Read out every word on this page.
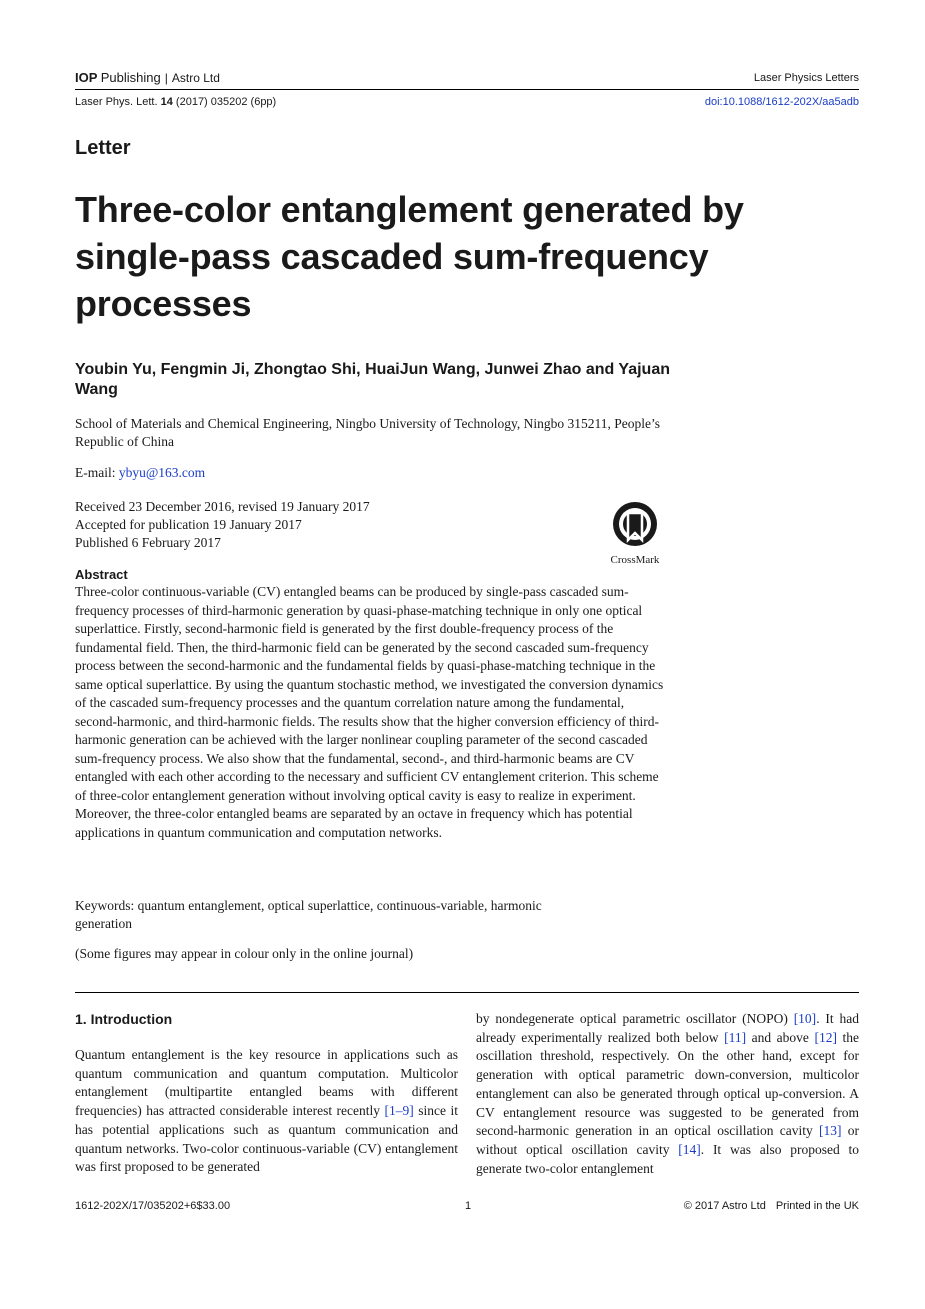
IOP Publishing | Astro Ltd	Laser Physics Letters
Laser Phys. Lett. 14 (2017) 035202 (6pp)	doi:10.1088/1612-202X/aa5adb
Letter
Three-color entanglement generated by single-pass cascaded sum-frequency processes
Youbin Yu, Fengmin Ji, Zhongtao Shi, HuaiJun Wang, Junwei Zhao and Yajuan Wang
School of Materials and Chemical Engineering, Ningbo University of Technology, Ningbo 315211, People’s Republic of China
E-mail: ybyu@163.com
Received 23 December 2016, revised 19 January 2017
Accepted for publication 19 January 2017
Published 6 February 2017
CrossMark
Abstract
Three-color continuous-variable (CV) entangled beams can be produced by single-pass cascaded sum-frequency processes of third-harmonic generation by quasi-phase-matching technique in only one optical superlattice. Firstly, second-harmonic field is generated by the first double-frequency process of the fundamental field. Then, the third-harmonic field can be generated by the second cascaded sum-frequency process between the second-harmonic and the fundamental fields by quasi-phase-matching technique in the same optical superlattice. By using the quantum stochastic method, we investigated the conversion dynamics of the cascaded sum-frequency processes and the quantum correlation nature among the fundamental, second-harmonic, and third-harmonic fields. The results show that the higher conversion efficiency of third-harmonic generation can be achieved with the larger nonlinear coupling parameter of the second cascaded sum-frequency process. We also show that the fundamental, second-, and third-harmonic beams are CV entangled with each other according to the necessary and sufficient CV entanglement criterion. This scheme of three-color entanglement generation without involving optical cavity is easy to realize in experiment. Moreover, the three-color entangled beams are separated by an octave in frequency which has potential applications in quantum communication and computation networks.
Keywords: quantum entanglement, optical superlattice, continuous-variable, harmonic generation
(Some figures may appear in colour only in the online journal)
1. Introduction
Quantum entanglement is the key resource in applications such as quantum communication and quantum computation. Multicolor entanglement (multipartite entangled beams with different frequencies) has attracted considerable interest recently [1–9] since it has potential applications such as quantum communication and quantum networks. Two-color continuous-variable (CV) entanglement was first proposed to be generated
by nondegenerate optical parametric oscillator (NOPO) [10]. It had already experimentally realized both below [11] and above [12] the oscillation threshold, respectively. On the other hand, except for generation with optical parametric down-conversion, multicolor entanglement can also be generated through optical up-conversion. A CV entanglement resource was suggested to be generated from second-harmonic generation in an optical oscillation cavity [13] or without optical oscillation cavity [14]. It was also proposed to generate two-color entanglement
1612-202X/17/035202+6$33.00	1	© 2017 Astro Ltd Printed in the UK
